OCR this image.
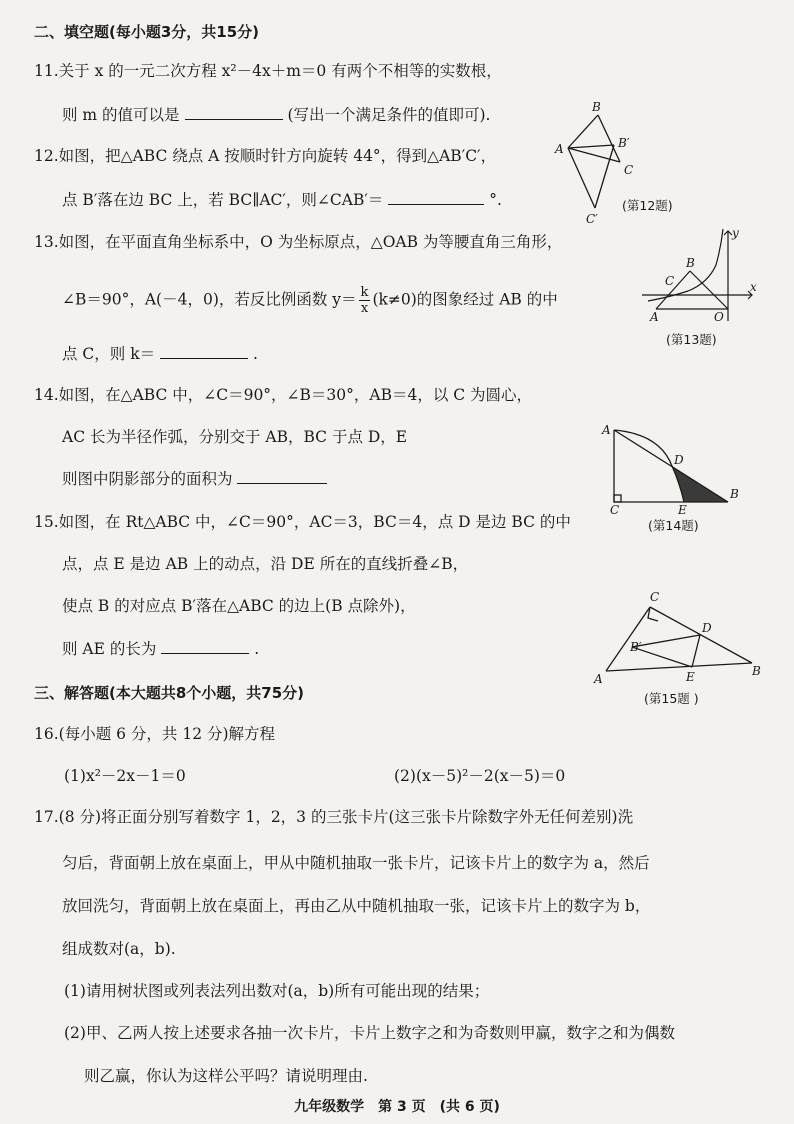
二、填空题(每小题3分，共15分)
11.关于 x 的一元二次方程 x²－4x＋m＝0 有两个不相等的实数根，
则 m 的值可以是	(写出一个满足条件的值即可).
12.如图，把△ABC 绕点 A 按顺时针方向旋转 44°，得到△AB′C′，
点 B′落在边 BC 上，若 BC∥AC′，则∠CAB′＝	°.
B
A	B′
C
C′
(第12题)
13.如图，在平面直角坐标系中，O 为坐标原点，△OAB 为等腰直角三角形，
∠B＝90°，A(－4，0)，若反比例函数 $y= \frac{k}{x} (k\ne 0)$的图象经过 AB 的中
点 C，则 k＝	.
y
x
B
C
A	O
(第13题)
14.如图，在△ABC 中，∠C＝90°，∠B＝30°，AB＝4，以 C 为圆心，
AC 长为半径作弧，分别交于 AB，BC 于点 D，E
则图中阴影部分的面积为
A
D
C	E
B
(第14题)
15.如图，在 Rt△ABC 中，∠C＝90°，AC＝3，BC＝4，点 D 是边 BC 的中
点，点 E 是边 AB 上的动点，沿 DE 所在的直线折叠∠B，
使点 B 的对应点 B′落在△ABC 的边上(B 点除外)，
则 AE 的长为	.
C
D
B′
A	E	B
(第15题 )
三、解答题(本大题共8个小题，共75分)
16.(每小题 6 分，共 12 分)解方程
(1)x²－2x－1＝0	(2)(x－5)²－2(x－5)＝0
17.(8 分)将正面分别写着数字 1，2，3 的三张卡片(这三张卡片除数字外无任何差别)洗
匀后，背面朝上放在桌面上，甲从中随机抽取一张卡片，记该卡片上的数字为 a，然后
放回洗匀，背面朝上放在桌面上，再由乙从中随机抽取一张，记该卡片上的数字为 b，
组成数对(a，b).
(1)请用树状图或列表法列出数对(a，b)所有可能出现的结果；
(2)甲、乙两人按上述要求各抽一次卡片，卡片上数字之和为奇数则甲赢，数字之和为偶数
则乙赢，你认为这样公平吗？请说明理由.
九年级数学　第 3 页　(共 6 页)
